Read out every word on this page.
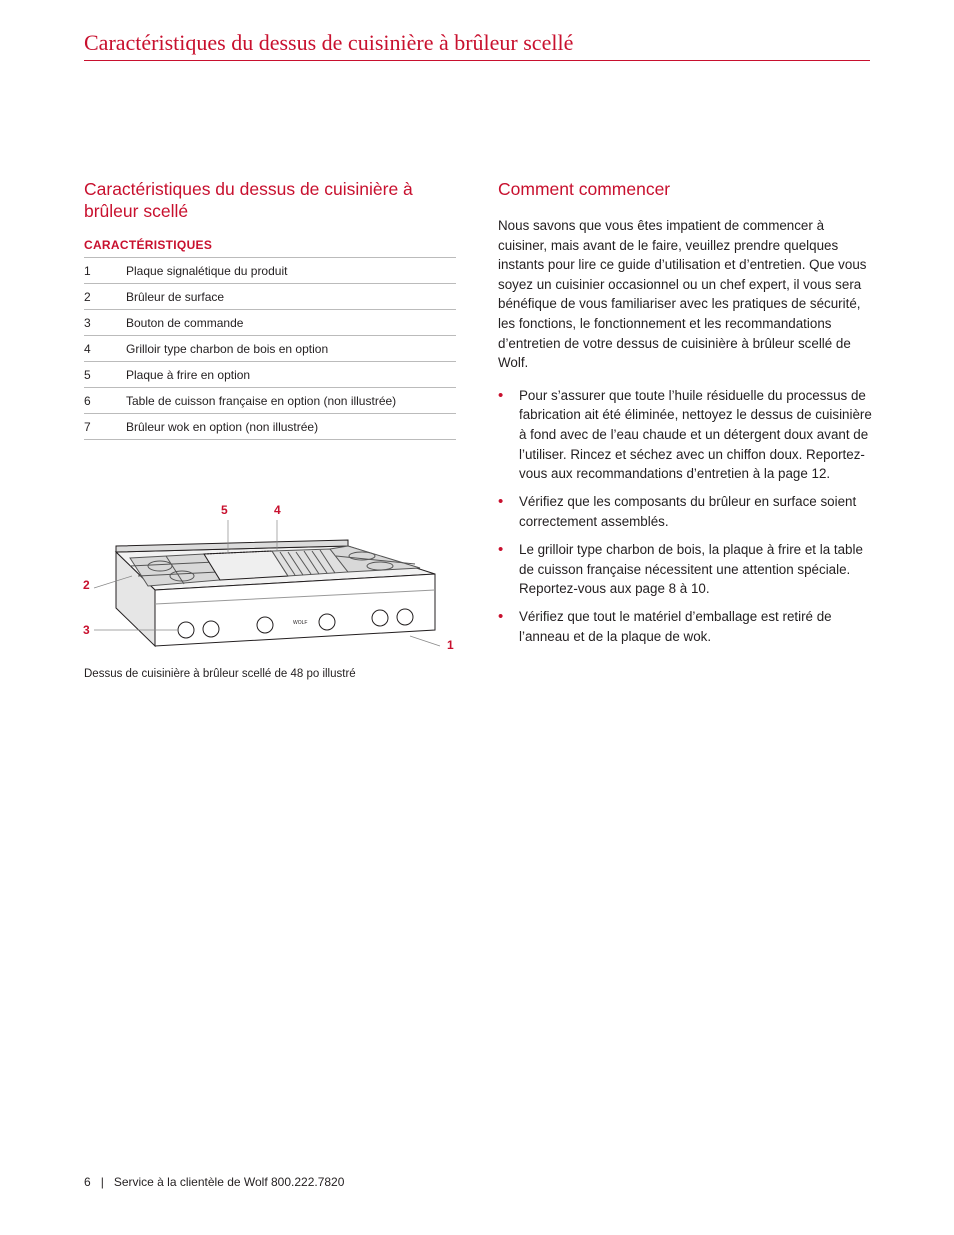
Caractéristiques du dessus de cuisinière à brûleur scellé
Caractéristiques du dessus de cuisinière à brûleur scellé
CARACTÉRISTIQUES
1	Plaque signalétique du produit
2	Brûleur de surface
3	Bouton de commande
4	Grilloir type charbon de bois en option
5	Plaque à frire en option
6	Table de cuisson française en option (non illustrée)
7	Brûleur wok en option (non illustrée)
WOLF
5	4
2
3
1

Dessus de cuisinière à brûleur scellé de 48 po illustré

Comment commencer

Nous savons que vous êtes impatient de commencer à cuisiner, mais avant de le faire, veuillez prendre quelques instants pour lire ce guide d’utilisation et d’entretien. Que vous soyez un cuisinier occasionnel ou un chef expert, il vous sera bénéfique de vous familiariser avec les pratiques de sécurité, les fonctions, le fonctionnement et les recommandations d’entretien de votre dessus de cuisinière à brûleur scellé de Wolf.

• Pour s’assurer que toute l’huile résiduelle du processus de fabrication ait été éliminée, nettoyez le dessus de cuisinière à fond avec de l’eau chaude et un détergent doux avant de l’utiliser. Rincez et séchez avec un chiffon doux. Reportez-vous aux recommandations d’entretien à la page 12.
• Vérifiez que les composants du brûleur en surface soient correctement assemblés.
• Le grilloir type charbon de bois, la plaque à frire et la table de cuisson française nécessitent une attention spéciale. Reportez-vous aux page 8 à 10.
• Vérifiez que tout le matériel d’emballage est retiré de l’anneau et de la plaque de wok.

6 | Service à la clientèle de Wolf 800.222.7820
